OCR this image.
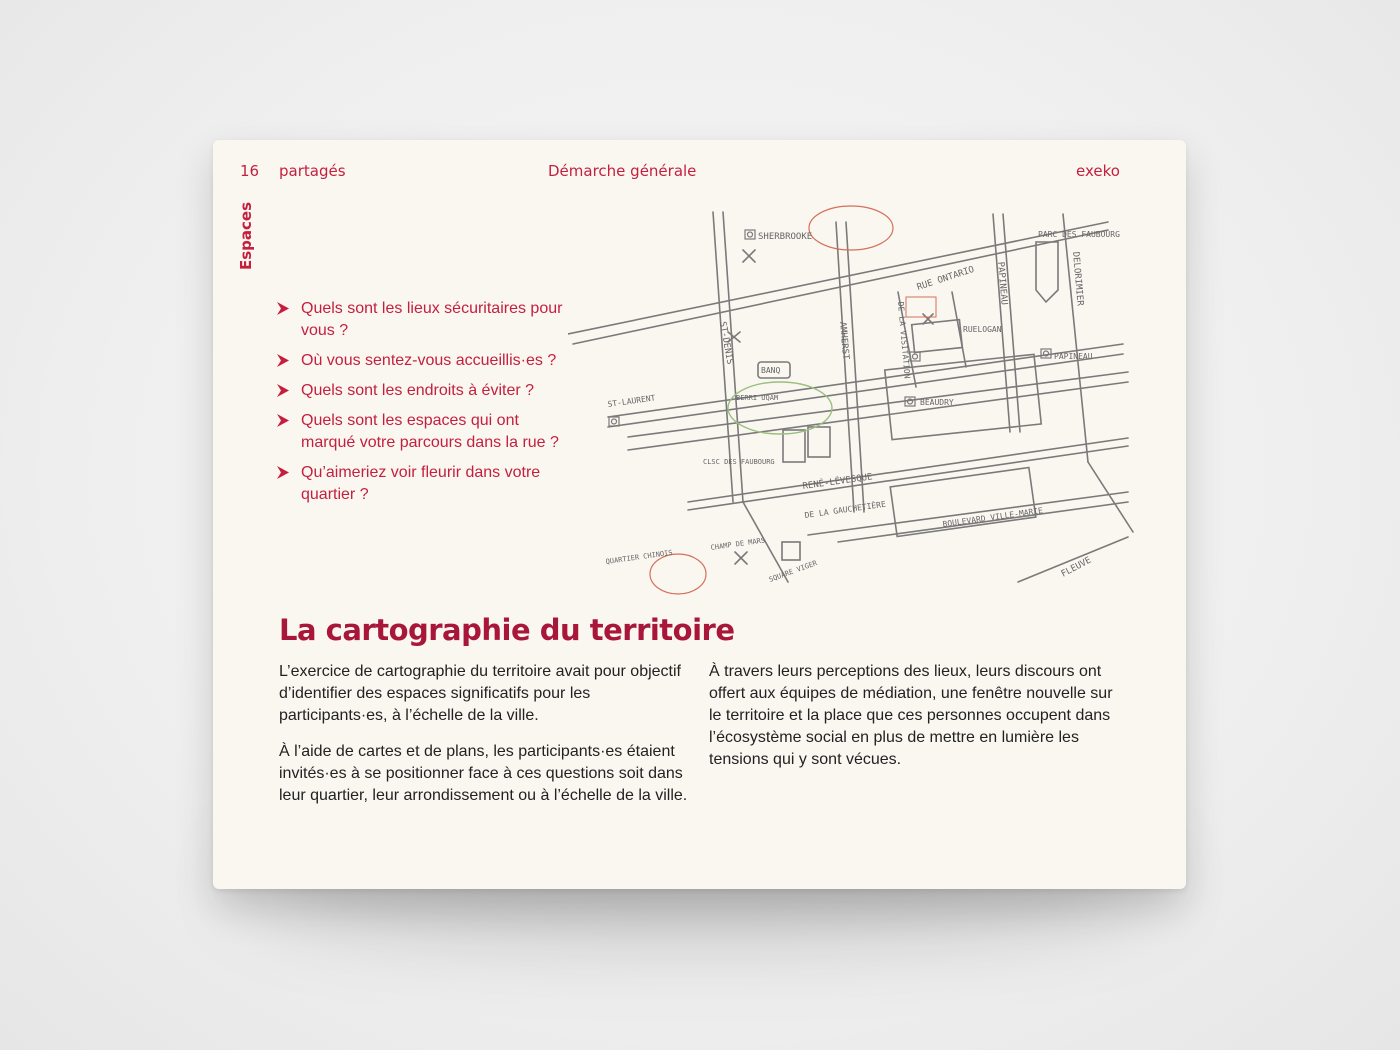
16 partagés	Démarche générale	exeko
Espaces
Quels sont les lieux sécuritaires pour vous ?
Où vous sentez-vous accueillis·es ?
Quels sont les endroits à éviter ?
Quels sont les espaces qui ont marqué votre parcours dans la rue ?
Qu’aimeriez voir fleurir dans votre quartier ?
SHERBROOKE
ST-DENIS	AMHERST
DELORIMIER
PAPINEAU
PARC DES FAUBOURG
RUE ONTARIO
DE LA VISITATION	RUELOGAN
PAPINEAU
ST-LAURENT	BERRI UQAM	BEAUDRY
RENÉ-LÉVESQUE
DE LA GAUCHETIÈRE	BOULEVARD VILLE-MARIE
FLEUVE
QUARTIER CHINOIS
CHAMP DE MARS
SQUARE VIGER
CLSC DES FAUBOURG
BANQ
La cartographie du territoire

L’exercice de cartographie du territoire avait pour objectif d’identifier des espaces significatifs pour les participants·es, à l’échelle de la ville.

À l’aide de cartes et de plans, les participants·es étaient invités·es à se positionner face à ces questions soit dans leur quartier, leur arrondissement ou à l’échelle de la ville.

À travers leurs perceptions des lieux, leurs discours ont offert aux équipes de médiation, une fenêtre nouvelle sur le territoire et la place que ces personnes occupent dans l’écosystème social en plus de mettre en lumière les tensions qui y sont vécues.
